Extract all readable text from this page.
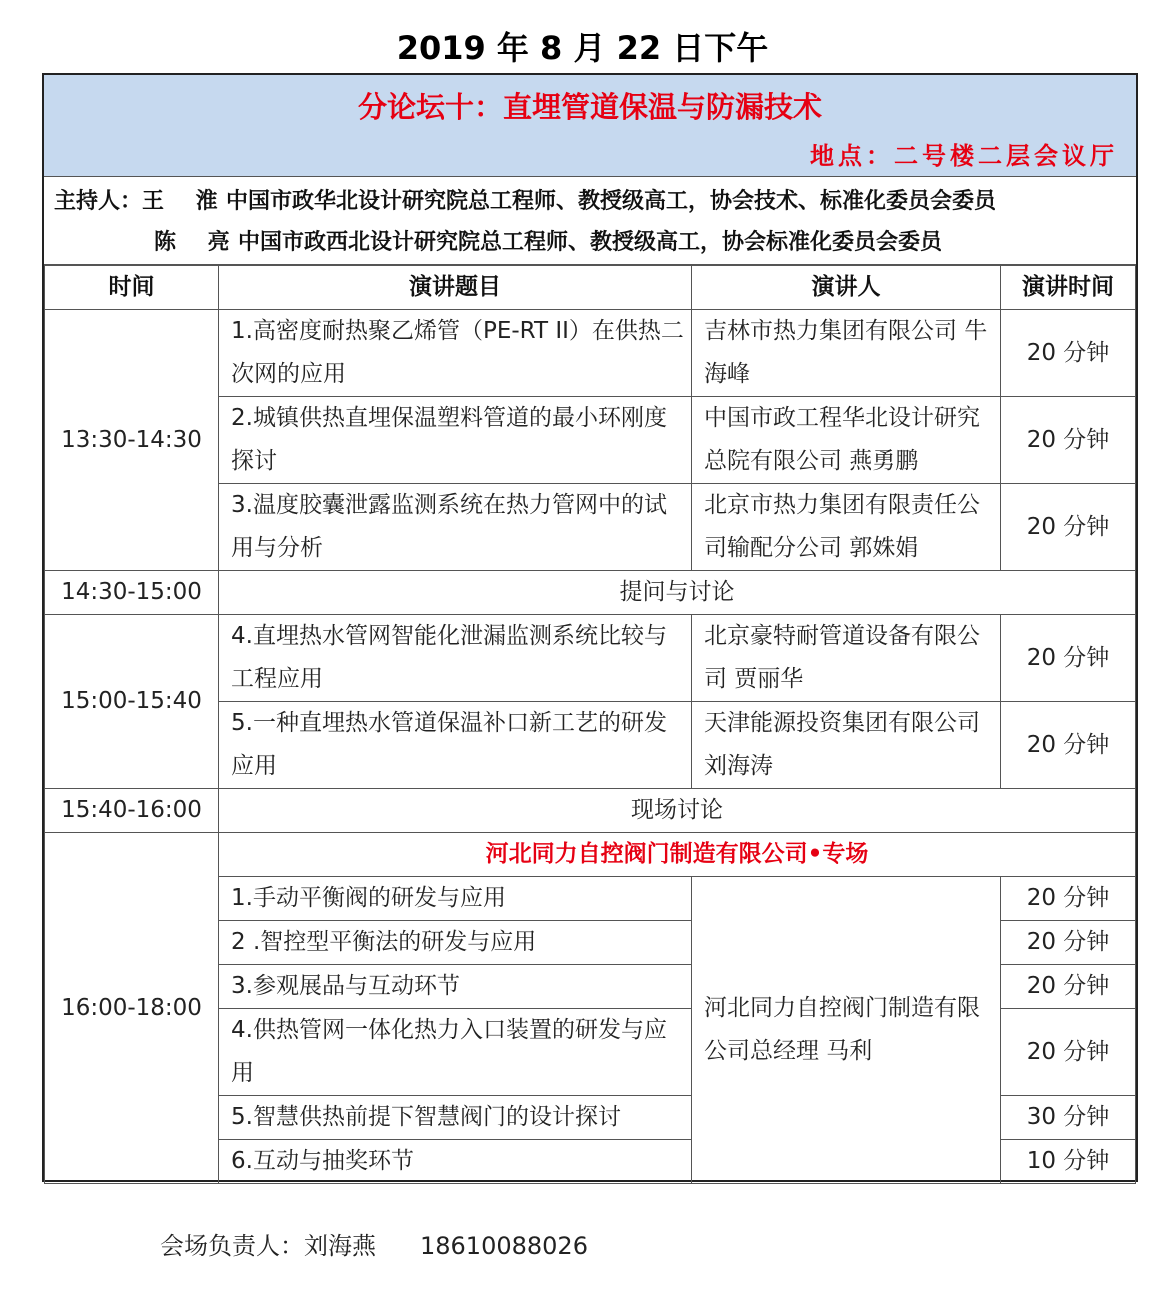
2019 年 8 月 22 日下午
分论坛十：直埋管道保温与防漏技术
地点：二号楼二层会议厅
主持人：王 淮中国市政华北设计研究院总工程师、教授级高工，协会技术、标准化委员会委员
陈 亮中国市政西北设计研究院总工程师、教授级高工，协会标准化委员会委员
时间	演讲题目	演讲人	演讲时间
13:30-14:30	1.高密度耐热聚乙烯管（PE-RT II）在供热二次网的应用	吉林市热力集团有限公司 牛海峰	20 分钟
	2.城镇供热直埋保温塑料管道的最小环刚度探讨	中国市政工程华北设计研究总院有限公司 燕勇鹏	20 分钟
	3.温度胶囊泄露监测系统在热力管网中的试用与分析	北京市热力集团有限责任公司输配分公司 郭姝娟	20 分钟
14:30-15:00	提问与讨论		
15:00-15:40	4.直埋热水管网智能化泄漏监测系统比较与工程应用	北京豪特耐管道设备有限公司 贾丽华	20 分钟
	5.一种直埋热水管道保温补口新工艺的研发应用	天津能源投资集团有限公司 刘海涛	20 分钟
15:40-16:00	现场讨论		
16:00-18:00	河北同力自控阀门制造有限公司•专场		
	1.手动平衡阀的研发与应用	河北同力自控阀门制造有限公司总经理 马利	20 分钟
	2 .智控型平衡法的研发与应用		20 分钟
	3.参观展品与互动环节		20 分钟
	4.供热管网一体化热力入口装置的研发与应用		20 分钟
	5.智慧供热前提下智慧阀门的设计探讨		30 分钟
	6.互动与抽奖环节		10 分钟
会场负责人：刘海燕 18610088026
